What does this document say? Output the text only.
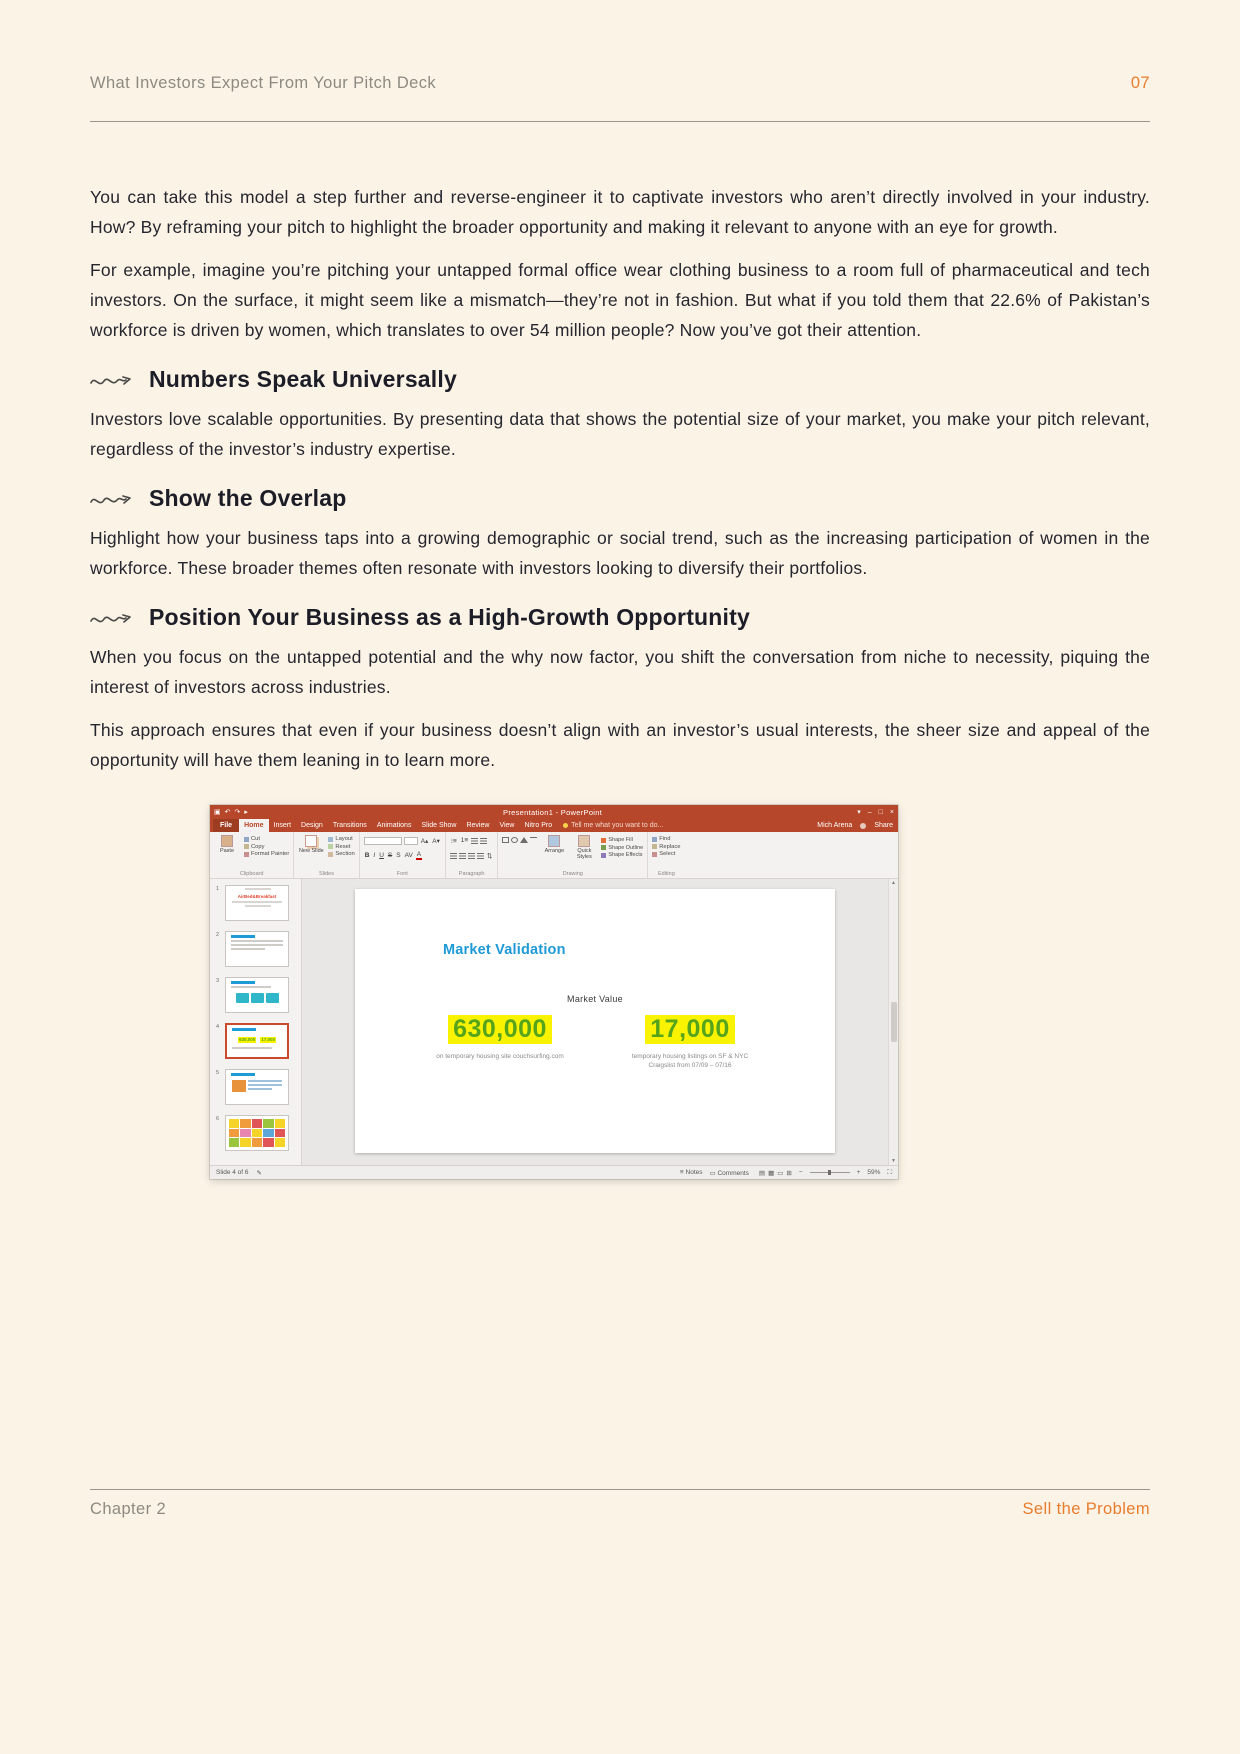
What Investors Expect From Your Pitch Deck	07

You can take this model a step further and reverse-engineer it to captivate investors who aren’t directly involved in your industry. How? By reframing your pitch to highlight the broader opportunity and making it relevant to anyone with an eye for growth.

For example, imagine you’re pitching your untapped formal office wear clothing business to a room full of pharmaceutical and tech investors. On the surface, it might seem like a mismatch—they’re not in fashion. But what if you told them that 22.6% of Pakistan’s workforce is driven by women, which translates to over 54 million people? Now you’ve got their attention.

Numbers Speak Universally

Investors love scalable opportunities. By presenting data that shows the potential size of your market, you make your pitch relevant, regardless of the investor’s industry expertise.

Show the Overlap

Highlight how your business taps into a growing demographic or social trend, such as the increasing participation of women in the workforce. These broader themes often resonate with investors looking to diversify their portfolios.

Position Your Business as a High-Growth Opportunity

When you focus on the untapped potential and the why now factor, you shift the conversation from niche to necessity, piquing the interest of investors across industries.

This approach ensures that even if your business doesn’t align with an investor’s usual interests, the sheer size and appeal of the opportunity will have them leaning in to learn more.

▣ ↶ ↷ ▸	Presentation1 - PowerPoint	▾ – □ ×
File	Home	Insert	Design	Transitions	Animations	Slide Show	Review	View	Nitro Pro	Tell me what you want to do...	Mich Arena	Share
Paste
Cut
Copy
Format Painter
Clipboard
New Slide
Layout
Reset
Section
Slides
A▴ A▾
B I U S S AV A
Font
⁝≡ 1≡
⇅
Paragraph
Arrange	Quick Styles
Shape Fill
Shape Outline
Shape Effects
Drawing
Find
Replace
Select
Editing
1
AirBed&Breakfast
2
3
4
630,000 17,000
5
6
Market Validation
Market Value
630,000
on temporary housing site couchsurfing.com
17,000
temporary housing listings on SF & NYC Craigslist from 07/09 – 07/16
▲
▼
Slide 4 of 6 ✎	≡ Notes ▭ Comments	▤ ▦ ▭ ⊞ −	+ 59% ⛶
Chapter 2	Sell the Problem
